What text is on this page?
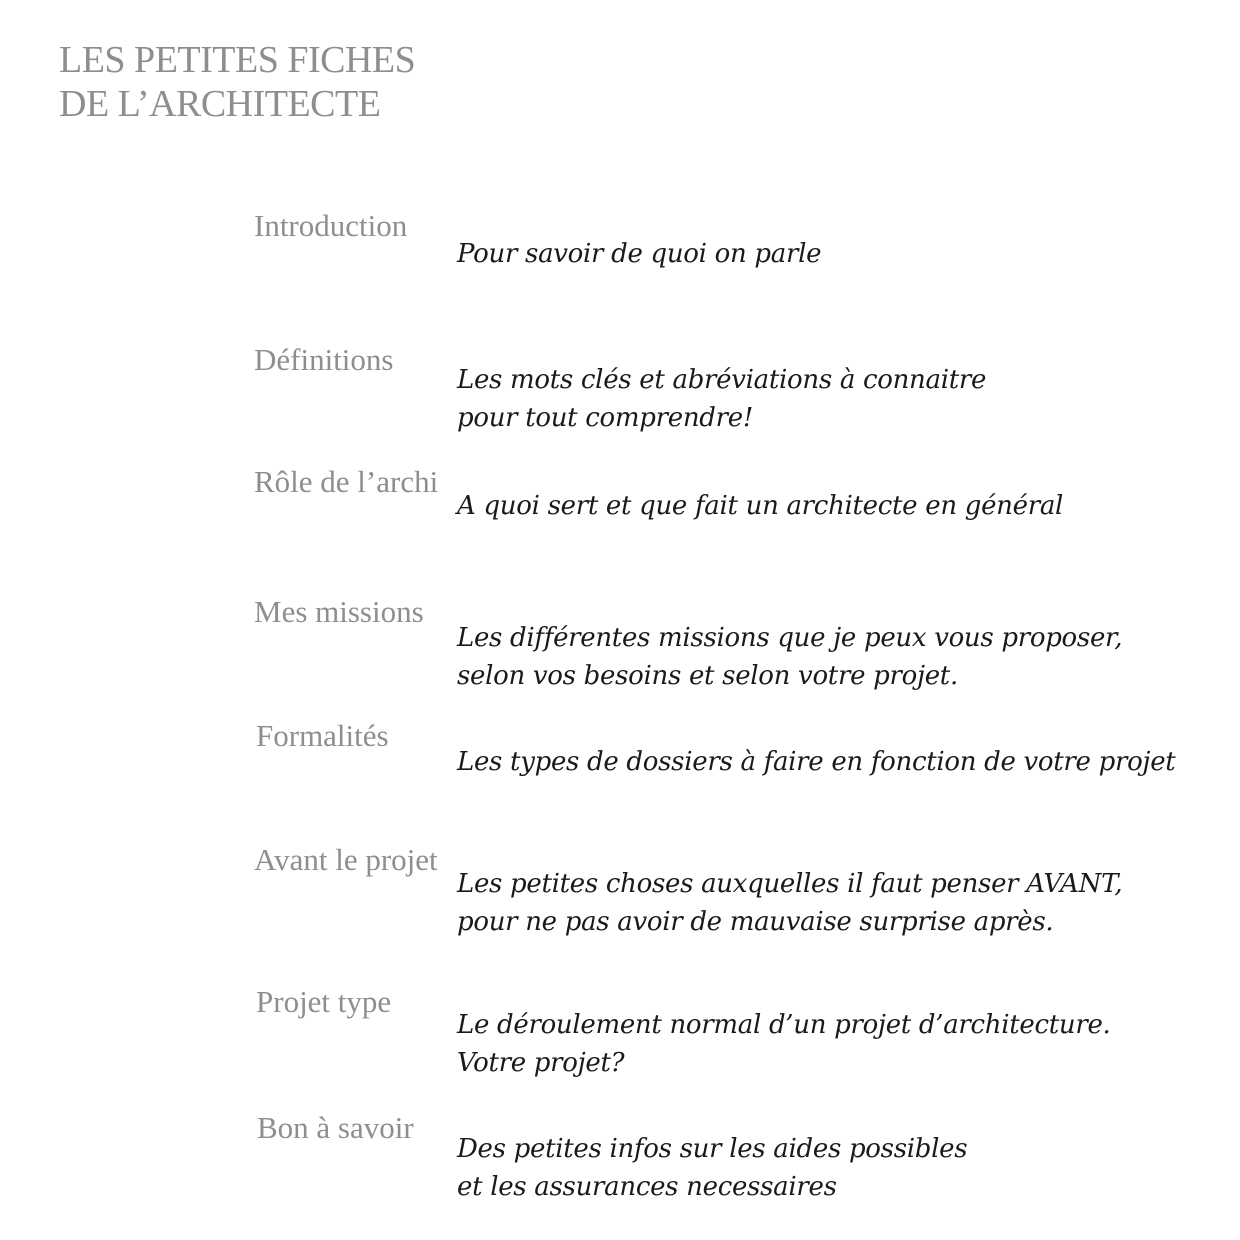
LES PETITES FICHES
DE L’ARCHITECTE
Introduction
Pour savoir de quoi on parle
Définitions
Les mots clés et abréviations à connaitre
pour tout comprendre!
Rôle de l’archi
A quoi sert et que fait un architecte en général
Mes missions
Les différentes missions que je peux vous proposer,
selon vos besoins et selon votre projet.
Formalités
Les types de dossiers à faire en fonction de votre projet
Avant le projet
Les petites choses auxquelles il faut penser AVANT,
pour ne pas avoir de mauvaise surprise après.
Projet type
Le déroulement normal d’un projet d’architecture.
Votre projet?
Bon à savoir
Des petites infos sur les aides possibles
et les assurances necessaires
